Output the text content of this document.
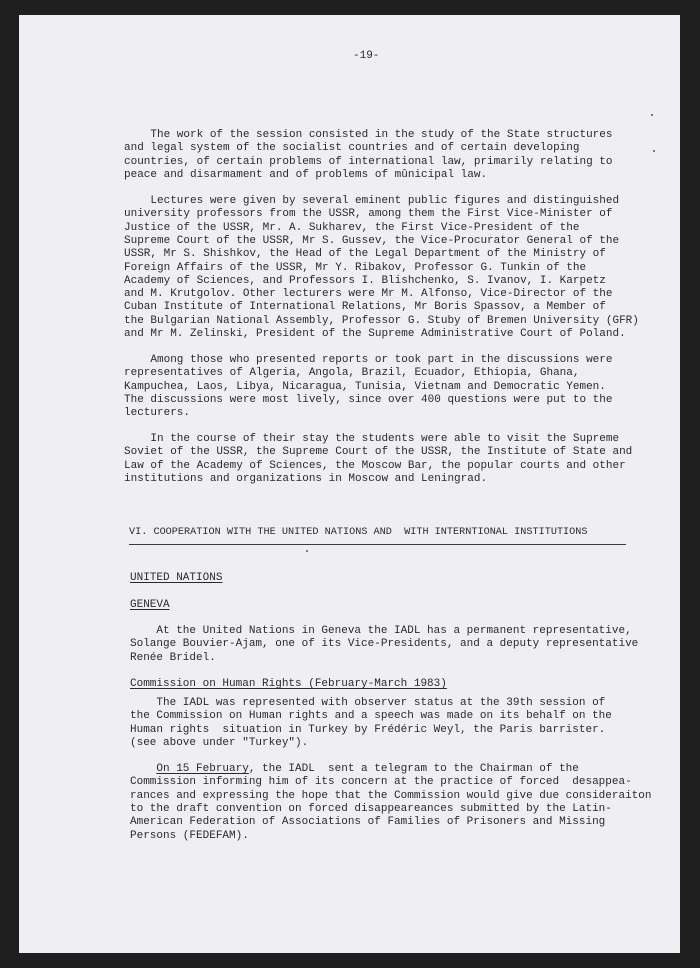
-19-

The work of the session consisted in the study of the State structures

and legal system of the socialist countries and of certain developing

countries, of certain problems of international law, primarily relating to

peace and disarmament and of problems of mûnicipal law.

Lectures were given by several eminent public figures and distinguished

university professors from the USSR, among them the First Vice-Minister of

Justice of the USSR, Mr. A. Sukharev, the First Vice-President of the

Supreme Court of the USSR, Mr S. Gussev, the Vice-Procurator General of the

USSR, Mr S. Shishkov, the Head of the Legal Department of the Ministry of

Foreign Affairs of the USSR, Mr Y. Ribakov, Professor G. Tunkin of the

Academy of Sciences, and Professors I. Blishchenko, S. Ivanov, I. Karpetz

and M. Krutgolov. Other lecturers were Mr M. Alfonso, Vice-Director of the

Cuban Institute of International Relations, Mr Boris Spassov, a Member of

the Bulgarian National Assembly, Professor G. Stuby of Bremen University (GFR)

and Mr M. Zelinski, President of the Supreme Administrative Court of Poland.

Among those who presented reports or took part in the discussions were

representatives of Algeria, Angola, Brazil, Ecuador, Ethiopia, Ghana,

Kampuchea, Laos, Libya, Nicaragua, Tunisia, Vietnam and Democratic Yemen.

The discussions were most lively, since over 400 questions were put to the

lecturers.

In the course of their stay the students were able to visit the Supreme

Soviet of the USSR, the Supreme Court of the USSR, the Institute of State and

Law of the Academy of Sciences, the Moscow Bar, the popular courts and other

institutions and organizations in Moscow and Leningrad.

VI. COOPERATION WITH THE UNITED NATIONS AND  WITH INTERNTIONAL INSTITUTIONS
UNITED NATIONS
GENEVA

At the United Nations in Geneva the IADL has a permanent representative,

Solange Bouvier-Ajam, one of its Vice-Presidents, and a deputy representative

Renée Bridel.

Commission on Human Rights (February-March 1983)

The IADL was represented with observer status at the 39th session of

the Commission on Human rights and a speech was made on its behalf on the

Human rights  situation in Turkey by Frédéric Weyl, the Paris barrister.

(see above under "Turkey").

On 15 February, the IADL  sent a telegram to the Chairman of the

Commission informing him of its concern at the practice of forced  desappea-

rances and expressing the hope that the Commission would give due consideraiton

to the draft convention on forced disappeareances submitted by the Latin-

American Federation of Associations of Families of Prisoners and Missing

Persons (FEDEFAM).
